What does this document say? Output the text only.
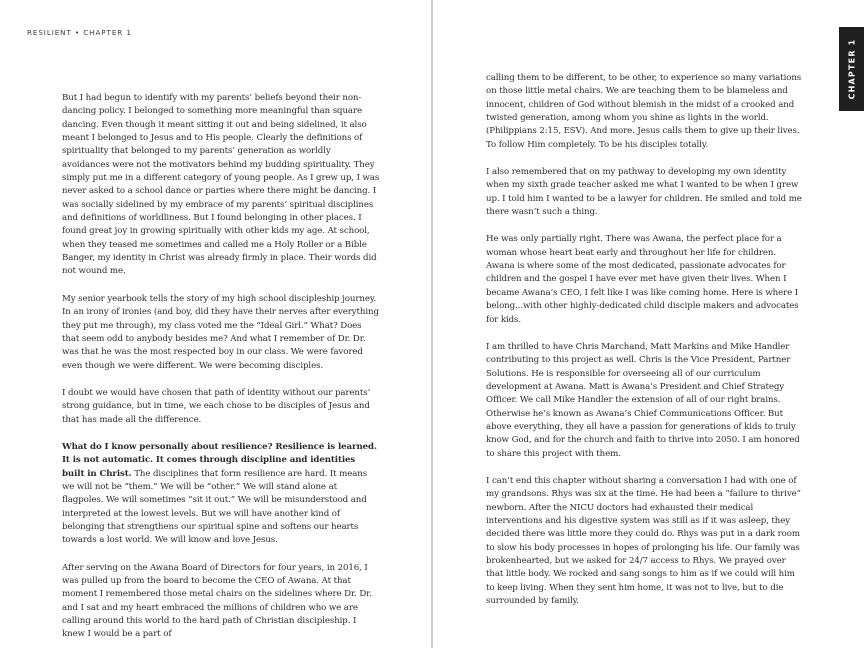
RESILIENT • CHAPTER 1

But I had begun to identify with my parents’ beliefs beyond their non-dancing policy. I belonged to something more meaningful than square dancing. Even though it meant sitting it out and being sidelined, it also meant I belonged to Jesus and to His people. Clearly the definitions of spirituality that belonged to my parents’ generation as worldly avoidances were not the motivators behind my budding spirituality. They simply put me in a different category of young people. As I grew up, I was never asked to a school dance or parties where there might be dancing. I was socially sidelined by my embrace of my parents’ spiritual disciplines and definitions of worldliness. But I found belonging in other places. I found great joy in growing spiritually with other kids my age. At school, when they teased me sometimes and called me a Holy Roller or a Bible Banger, my identity in Christ was already firmly in place. Their words did not wound me.

My senior yearbook tells the story of my high school discipleship journey. In an irony of ironies (and boy, did they have their nerves after everything they put me through), my class voted me the “Ideal Girl.” What? Does that seem odd to anybody besides me? And what I remember of Dr. Dr. was that he was the most respected boy in our class. We were favored even though we were different. We were becoming disciples.

I doubt we would have chosen that path of identity without our parents’ strong guidance, but in time, we each chose to be disciples of Jesus and that has made all the difference.

What do I know personally about resilience? Resilience is learned. It is not automatic. It comes through discipline and identities built in Christ. The disciplines that form resilience are hard. It means we will not be “them.” We will be “other.” We will stand alone at flagpoles. We will sometimes “sit it out.” We will be misunderstood and interpreted at the lowest levels. But we will have another kind of belonging that strengthens our spiritual spine and softens our hearts towards a lost world. We will know and love Jesus.

After serving on the Awana Board of Directors for four years, in 2016, I was pulled up from the board to become the CEO of Awana. At that moment I remembered those metal chairs on the sidelines where Dr. Dr. and I sat and my heart embraced the millions of children who we are calling around this world to the hard path of Christian discipleship. I knew I would be a part of

CHAPTER 1

calling them to be different, to be other, to experience so many variations on those little metal chairs. We are teaching them to be blameless and innocent, children of God without blemish in the midst of a crooked and twisted generation, among whom you shine as lights in the world. (Philippians 2:15, ESV). And more. Jesus calls them to give up their lives. To follow Him completely. To be his disciples totally.

I also remembered that on my pathway to developing my own identity when my sixth grade teacher asked me what I wanted to be when I grew up. I told him I wanted to be a lawyer for children. He smiled and told me there wasn’t such a thing.

He was only partially right. There was Awana, the perfect place for a woman whose heart beat early and throughout her life for children. Awana is where some of the most dedicated, passionate advocates for children and the gospel I have ever met have given their lives. When I became Awana’s CEO, I felt like I was like coming home. Here is where I belong...with other highly-dedicated child disciple makers and advocates for kids.

I am thrilled to have Chris Marchand, Matt Markins and Mike Handler contributing to this project as well. Chris is the Vice President, Partner Solutions. He is responsible for overseeing all of our curriculum development at Awana. Matt is Awana’s President and Chief Strategy Officer. We call Mike Handler the extension of all of our right brains. Otherwise he’s known as Awana’s Chief Communications Officer. But above everything, they all have a passion for generations of kids to truly know God, and for the church and faith to thrive into 2050. I am honored to share this project with them.

I can’t end this chapter without sharing a conversation I had with one of my grandsons. Rhys was six at the time. He had been a “failure to thrive” newborn. After the NICU doctors had exhausted their medical interventions and his digestive system was still as if it was asleep, they decided there was little more they could do. Rhys was put in a dark room to slow his body processes in hopes of prolonging his life. Our family was brokenhearted, but we asked for 24/7 access to Rhys. We prayed over that little body. We rocked and sang songs to him as if we could will him to keep living. When they sent him home, it was not to live, but to die surrounded by family.
